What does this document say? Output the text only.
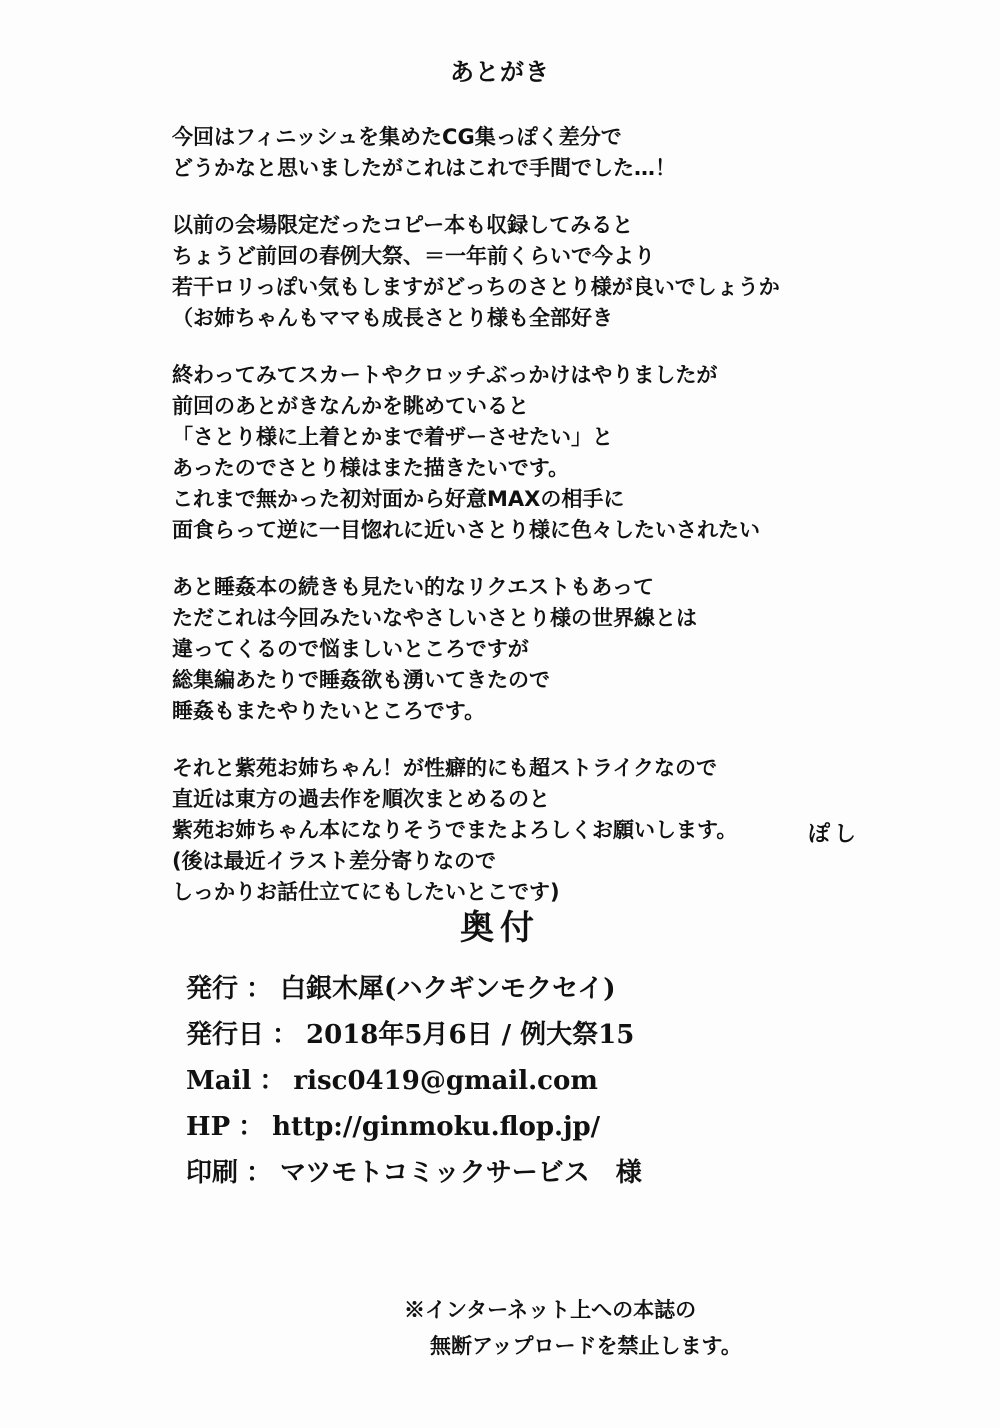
あとがき
今回はフィニッシュを集めたCG集っぽく差分で
どうかなと思いましたがこれはこれで手間でした…！
以前の会場限定だったコピー本も収録してみると
ちょうど前回の春例大祭、＝一年前くらいで今より
若干ロリっぽい気もしますがどっちのさとり様が良いでしょうか
（お姉ちゃんもママも成長さとり様も全部好き
終わってみてスカートやクロッチぶっかけはやりましたが
前回のあとがきなんかを眺めていると
「さとり様に上着とかまで着ザーさせたい」と
あったのでさとり様はまた描きたいです。
これまで無かった初対面から好意MAXの相手に
面食らって逆に一目惚れに近いさとり様に色々したいされたい
あと睡姦本の続きも見たい的なリクエストもあって
ただこれは今回みたいなやさしいさとり様の世界線とは
違ってくるので悩ましいところですが
総集編あたりで睡姦欲も湧いてきたので
睡姦もまたやりたいところです。
それと紫苑お姉ちゃん！が性癖的にも超ストライクなので
直近は東方の過去作を順次まとめるのと
紫苑お姉ちゃん本になりそうでまたよろしくお願いします。
(後は最近イラスト差分寄りなので
しっかりお話仕立てにもしたいとこです)
ぽし
奥付
発行 ： 白銀木犀(ハクギンモクセイ)
発行日 ： 2018年5月6日 / 例大祭15
Mail ： risc0419@gmail.com
HP ： http://ginmoku.flop.jp/
印刷 ： マツモトコミックサービス　様
※インターネット上への本誌の
無断アップロードを禁止します。
